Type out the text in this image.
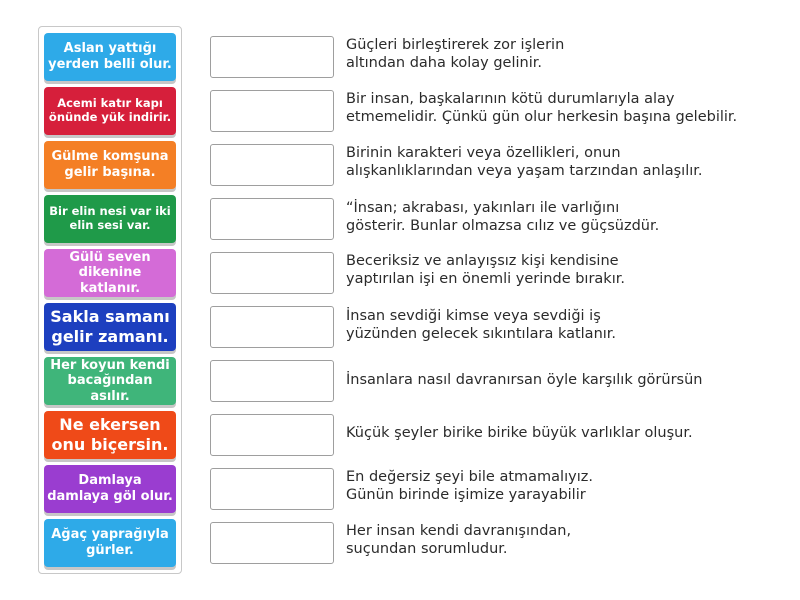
Aslan yattığı yerden belli olur.
Acemi katır kapı önünde yük indirir.
Gülme komşuna gelir başına.
Bir elin nesi var iki elin sesi var.
Gülü seven dikenine katlanır.
Sakla samanı gelir zamanı.
Her koyun kendi bacağından asılır.
Ne ekersen onu biçersin.
Damlaya damlaya göl olur.
Ağaç yaprağıyla gürler.
Güçleri birleştirerek zor işlerin
altından daha kolay gelinir.
Bir insan, başkalarının kötü durumlarıyla alay
etmemelidir. Çünkü gün olur herkesin başına gelebilir.
Birinin karakteri veya özellikleri, onun
alışkanlıklarından veya yaşam tarzından anlaşılır.
“İnsan; akrabası, yakınları ile varlığını
gösterir. Bunlar olmazsa cılız ve güçsüzdür.
Beceriksiz ve anlayışsız kişi kendisine
yaptırılan işi en önemli yerinde bırakır.
İnsan sevdiği kimse veya sevdiği iş
yüzünden gelecek sıkıntılara katlanır.
İnsanlara nasıl davranırsan öyle karşılık görürsün
Küçük şeyler birike birike büyük varlıklar oluşur.
En değersiz şeyi bile atmamalıyız.
Günün birinde işimize yarayabilir
Her insan kendi davranışından,
suçundan sorumludur.
